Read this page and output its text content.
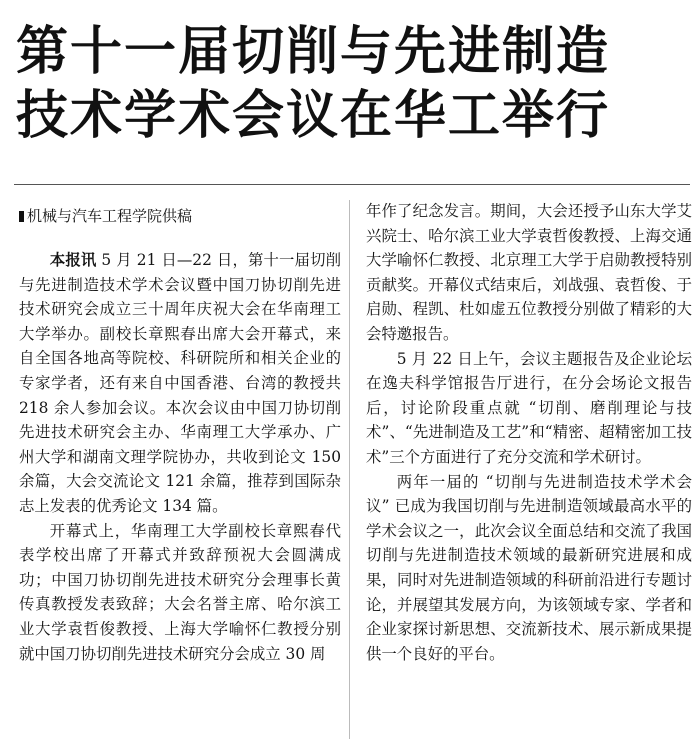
第十一届切削与先进制造
技术学术会议在华工举行
机械与汽车工程学院供稿

本报讯 5 月 21 日—22 日，第十一届切削与先进制造技术学术会议暨中国刀协切削先进技术研究会成立三十周年庆祝大会在华南理工大学举办。副校长章熙春出席大会开幕式，来自全国各地高等院校、科研院所和相关企业的专家学者，还有来自中国香港、台湾的教授共 218 余人参加会议。本次会议由中国刀协切削先进技术研究会主办、华南理工大学承办、广州大学和湖南文理学院协办，共收到论文 150 余篇，大会交流论文 121 余篇，推荐到国际杂志上发表的优秀论文 134 篇。

开幕式上，华南理工大学副校长章熙春代表学校出席了开幕式并致辞预祝大会圆满成功；中国刀协切削先进技术研究分会理事长黄传真教授发表致辞；大会名誉主席、哈尔滨工业大学袁哲俊教授、上海大学喻怀仁教授分别就中国刀协切削先进技术研究分会成立 30 周

年作了纪念发言。期间，大会还授予山东大学艾兴院士、哈尔滨工业大学袁哲俊教授、上海交通大学喻怀仁教授、北京理工大学于启勋教授特别贡献奖。开幕仪式结束后，刘战强、袁哲俊、于启勋、程凯、杜如虚五位教授分别做了精彩的大会特邀报告。

5 月 22 日上午，会议主题报告及企业论坛在逸夫科学馆报告厅进行，在分会场论文报告后，讨论阶段重点就 “切削、磨削理论与技术”、“先进制造及工艺”和“精密、超精密加工技术”三个方面进行了充分交流和学术研讨。

两年一届的 “切削与先进制造技术学术会议” 已成为我国切削与先进制造领域最高水平的学术会议之一，此次会议全面总结和交流了我国切削与先进制造技术领域的最新研究进展和成果，同时对先进制造领域的科研前沿进行专题讨论，并展望其发展方向，为该领域专家、学者和企业家探讨新思想、交流新技术、展示新成果提供一个良好的平台。
